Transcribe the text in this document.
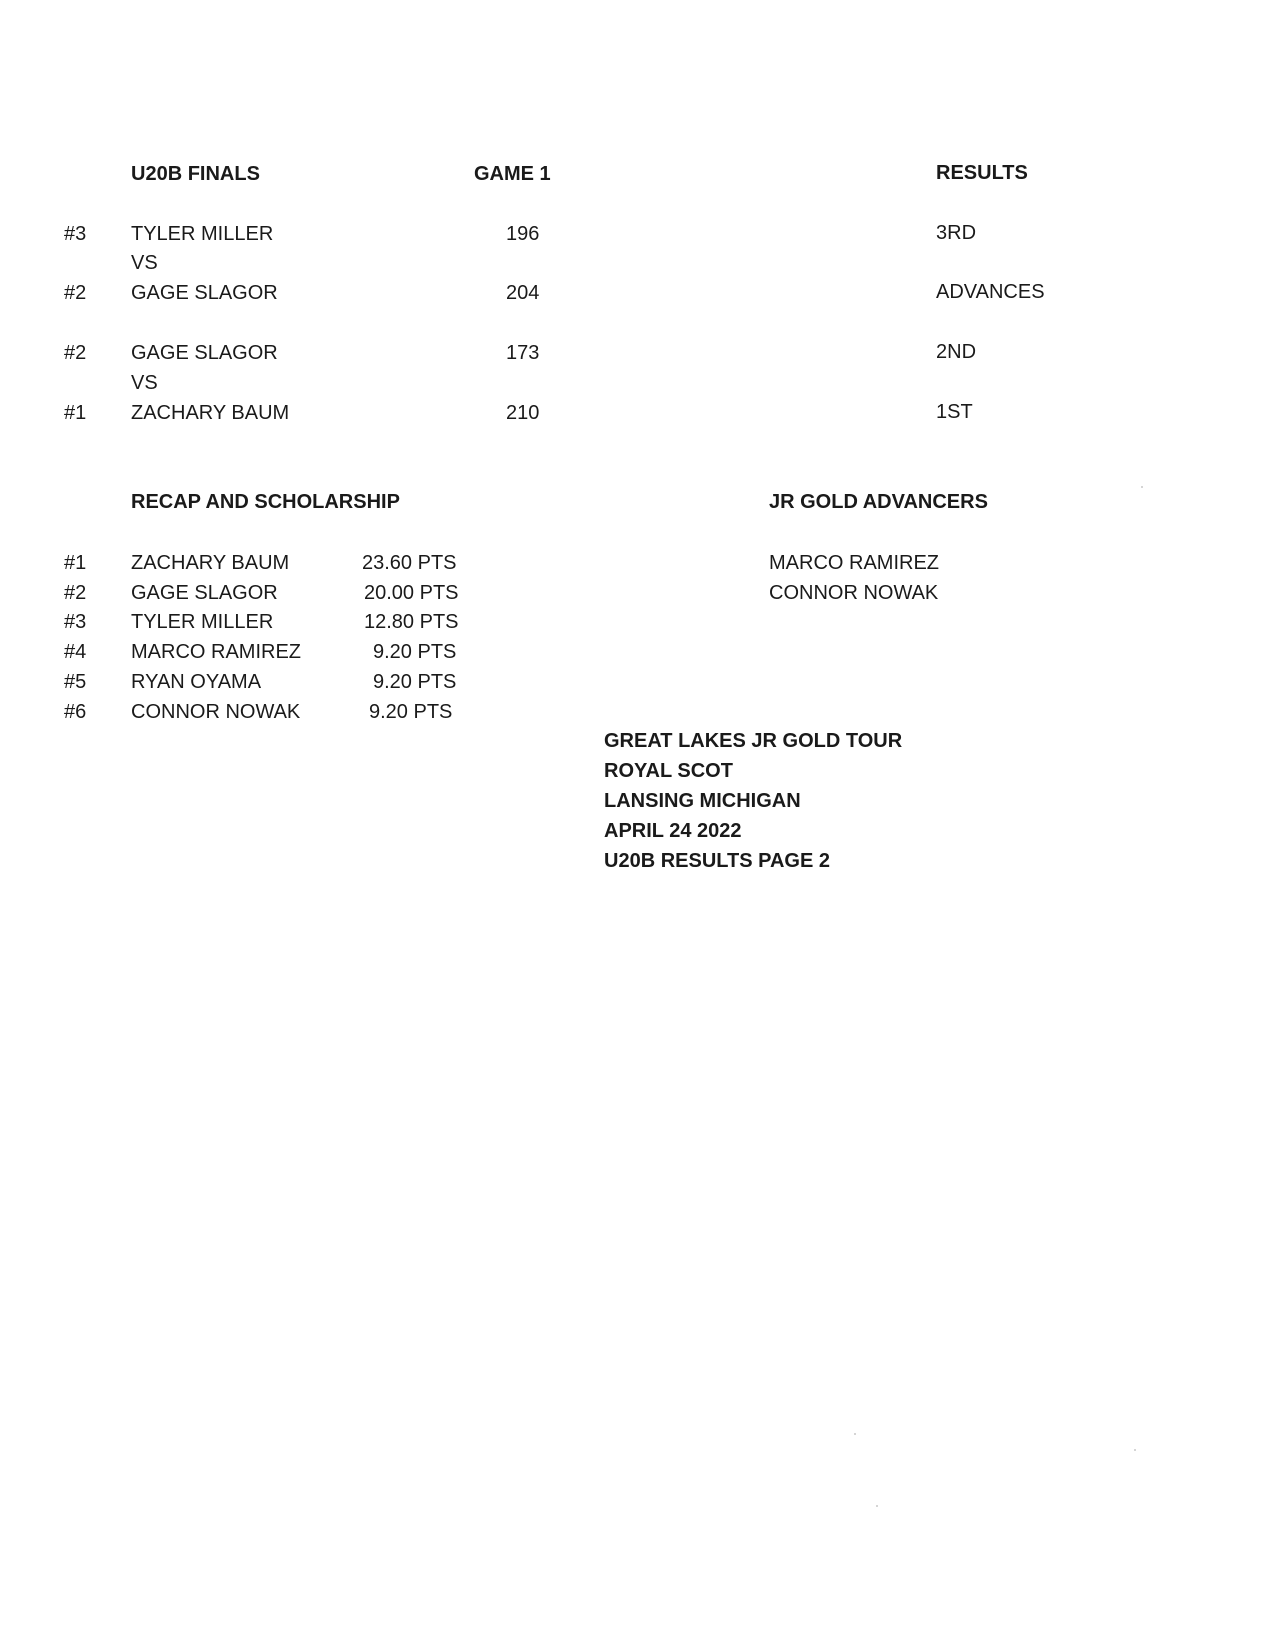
U20B FINALS	GAME 1	RESULTS
#3 TYLER MILLER	196	3RD
VS
#2 GAGE SLAGOR	204	ADVANCES
#2 GAGE SLAGOR	173	2ND
VS
#1 ZACHARY BAUM	210	1ST
RECAP AND SCHOLARSHIP
#1 ZACHARY BAUM	23.60 PTS
#2 GAGE SLAGOR	20.00 PTS
#3 TYLER MILLER	12.80 PTS
#4 MARCO RAMIREZ	9.20 PTS
#5 RYAN OYAMA	9.20 PTS
#6 CONNOR NOWAK	9.20 PTS
JR GOLD ADVANCERS
MARCO RAMIREZ
CONNOR NOWAK
GREAT LAKES JR GOLD TOUR
ROYAL SCOT
LANSING MICHIGAN
APRIL 24 2022
U20B RESULTS PAGE 2
